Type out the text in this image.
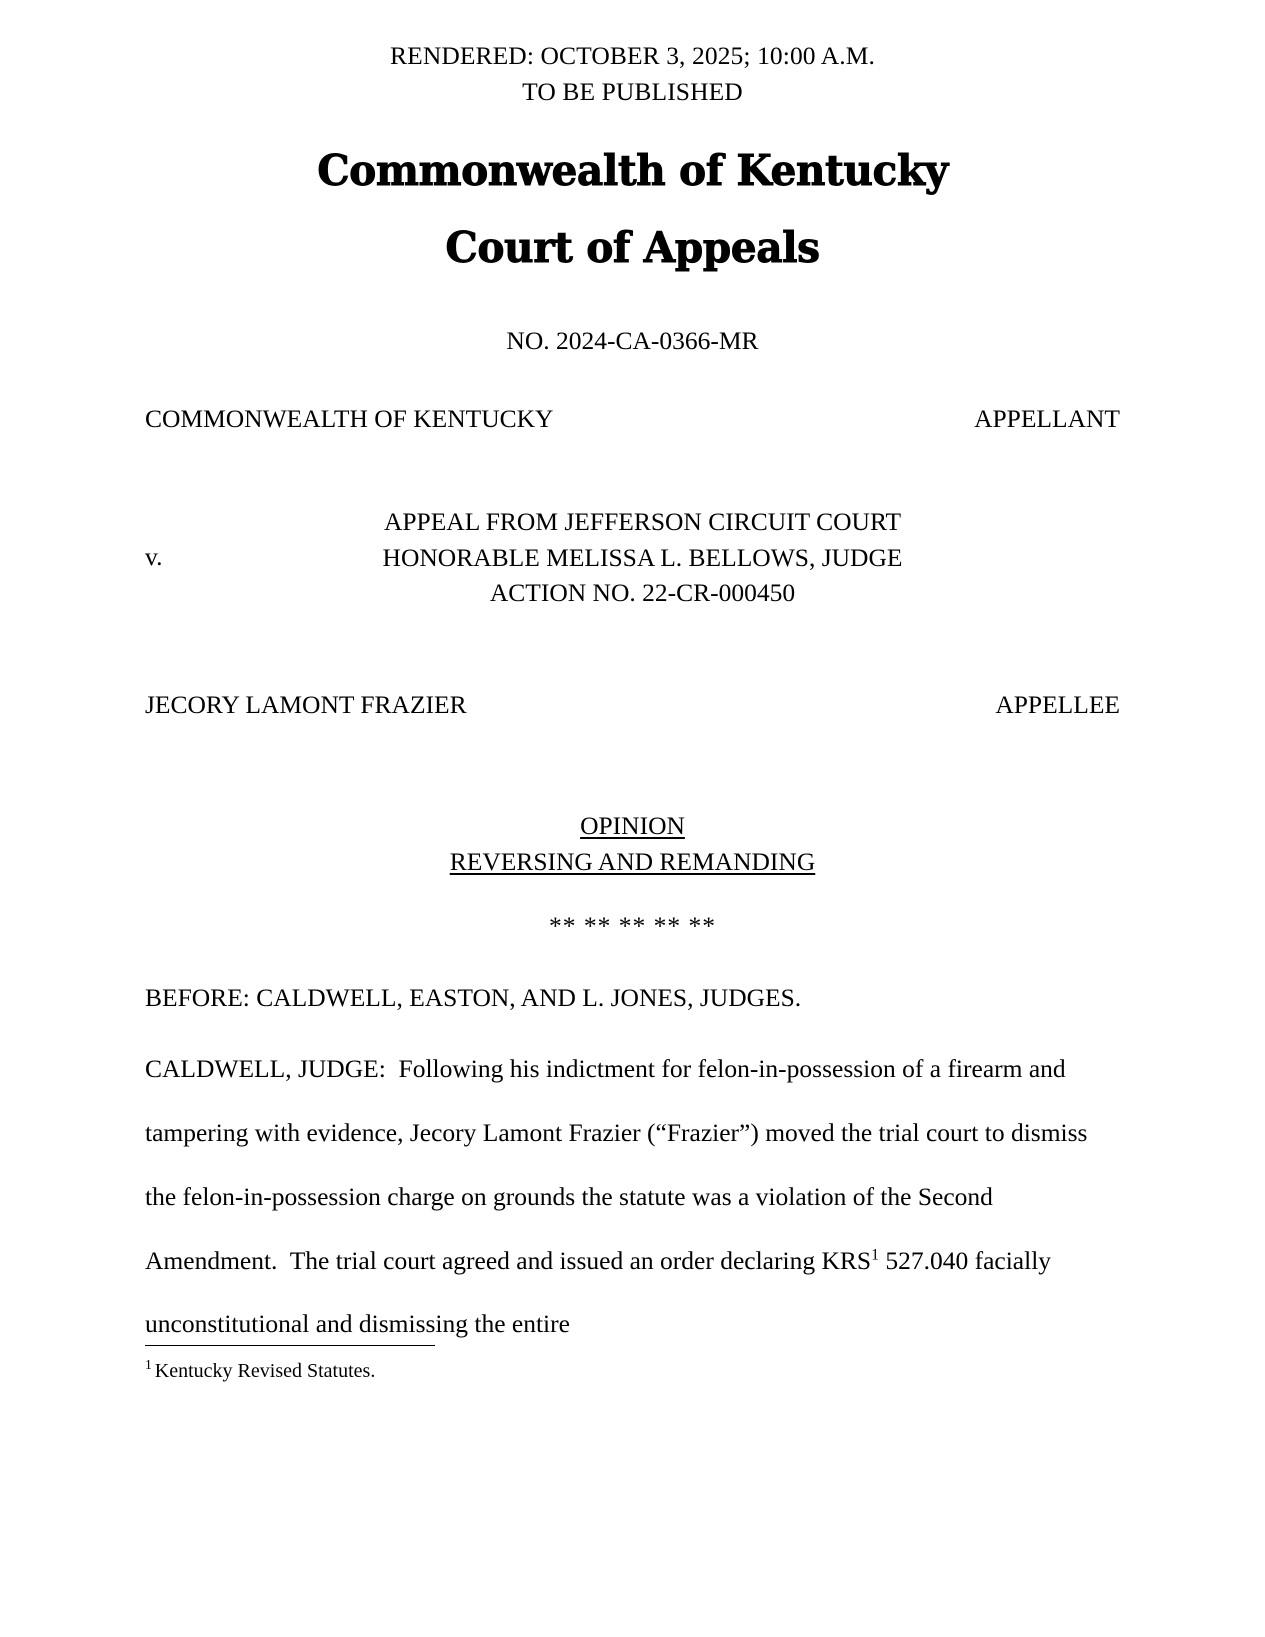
RENDERED: OCTOBER 3, 2025; 10:00 A.M.
TO BE PUBLISHED
Commonwealth of Kentucky
Court of Appeals
NO. 2024-CA-0366-MR
COMMONWEALTH OF KENTUCKY	APPELLANT
v.
APPEAL FROM JEFFERSON CIRCUIT COURT
HONORABLE MELISSA L. BELLOWS, JUDGE
ACTION NO. 22-CR-000450
JECORY LAMONT FRAZIER	APPELLEE
OPINION
REVERSING AND REMANDING
** ** ** ** **
BEFORE: CALDWELL, EASTON, AND L. JONES, JUDGES.
CALDWELL, JUDGE:  Following his indictment for felon-in-possession of a firearm and tampering with evidence, Jecory Lamont Frazier (“Frazier”) moved the trial court to dismiss the felon-in-possession charge on grounds the statute was a violation of the Second Amendment.  The trial court agreed and issued an order declaring KRS$^1$ 527.040 facially unconstitutional and dismissing the entire
$^1$ Kentucky Revised Statutes.
